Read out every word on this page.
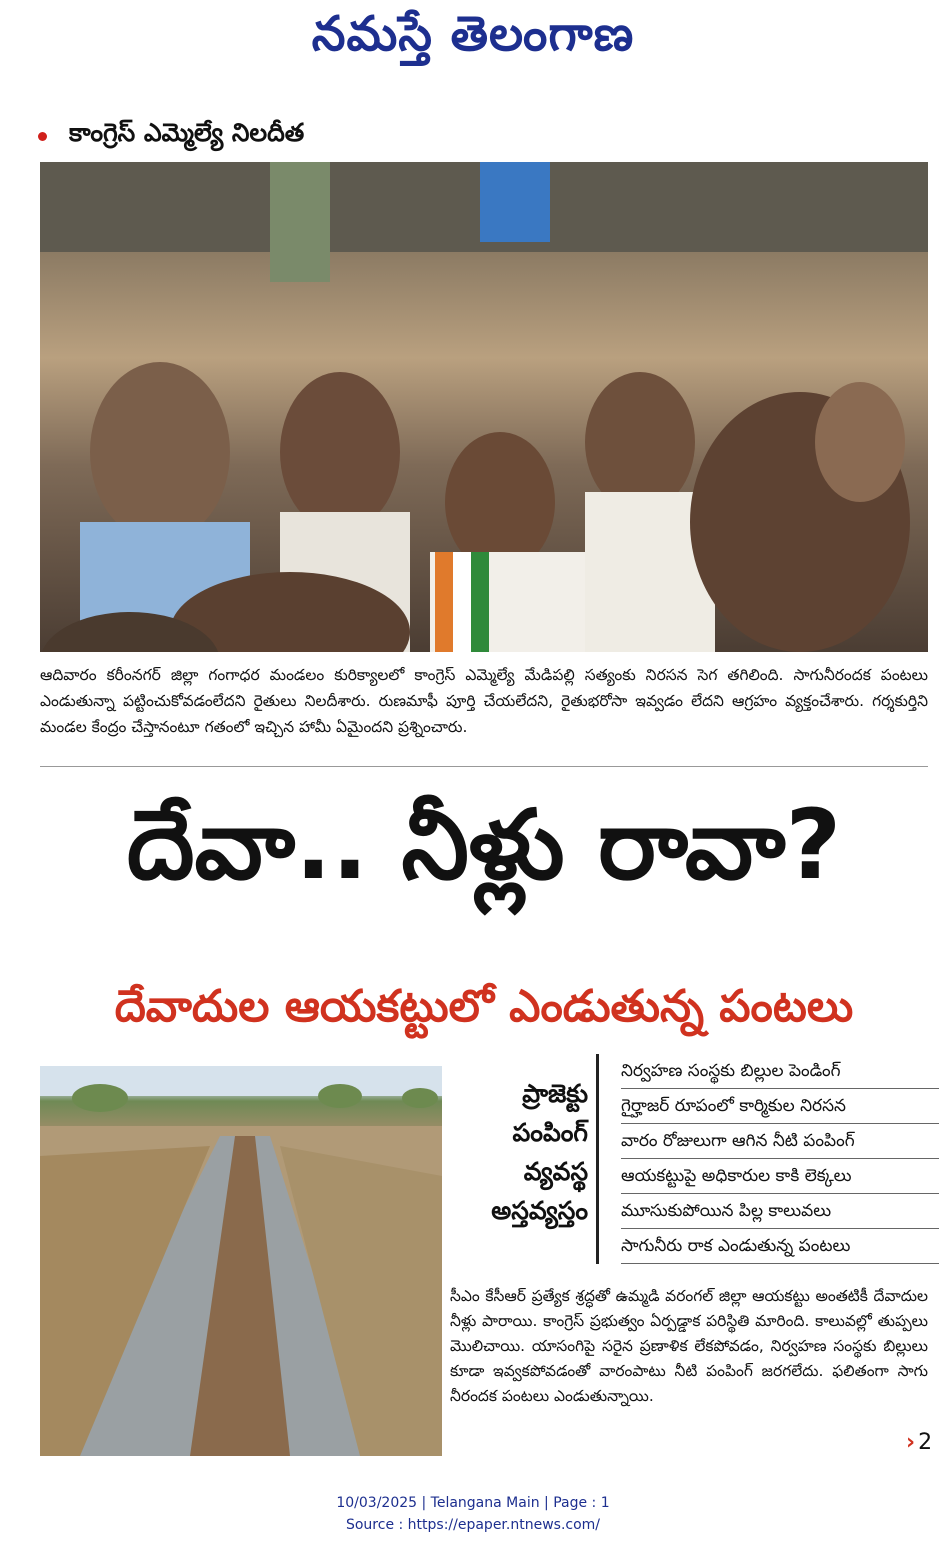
నమస్తే తెలంగాణ
కాంగ్రెస్ ఎమ్మెల్యే నిలదీత
ఆదివారం కరీంనగర్ జిల్లా గంగాధర మండలం కురిక్యాలలో కాంగ్రెస్ ఎమ్మెల్యే మేడిపల్లి సత్యంకు నిరసన సెగ తగిలింది. సాగునీరందక పంటలు ఎండుతున్నా పట్టించుకోవడంలేదని రైతులు నిలదీశారు. రుణమాఫీ పూర్తి చేయలేదని, రైతుభరోసా ఇవ్వడం లేదని ఆగ్రహం వ్యక్తంచేశారు. గర్శకుర్తిని మండల కేంద్రం చేస్తానంటూ గతంలో ఇచ్చిన హామీ ఏమైందని ప్రశ్నించారు.
దేవా.. నీళ్లు రావా?
దేవాదుల ఆయకట్టులో ఎండుతున్న పంటలు
ప్రాజెక్టు
పంపింగ్
వ్యవస్థ
అస్తవ్యస్తం
నిర్వహణ సంస్థకు బిల్లుల పెండింగ్
గైర్హాజర్ రూపంలో కార్మికుల నిరసన
వారం రోజులుగా ఆగిన నీటి పంపింగ్
ఆయకట్టుపై అధికారుల కాకి లెక్కలు
మూసుకుపోయిన పిల్ల కాలువలు
సాగునీరు రాక ఎండుతున్న పంటలు
సీఎం కేసీఆర్ ప్రత్యేక శ్రద్ధతో ఉమ్మడి వరంగల్ జిల్లా ఆయకట్టు అంతటికీ దేవాదుల నీళ్లు పారాయి. కాంగ్రెస్ ప్రభుత్వం ఏర్పడ్డాక పరిస్థితి మారింది. కాలువల్లో తుప్పలు మొలిచాయి. యాసంగిపై సరైన ప్రణాళిక లేకపోవడం, నిర్వహణ సంస్థకు బిల్లులు కూడా ఇవ్వకపోవడంతో వారంపాటు నీటి పంపింగ్ జరగలేదు. ఫలితంగా సాగు నీరందక పంటలు ఎండుతున్నాయి.
› 2
10/03/2025 | Telangana Main | Page : 1
Source : https://epaper.ntnews.com/
